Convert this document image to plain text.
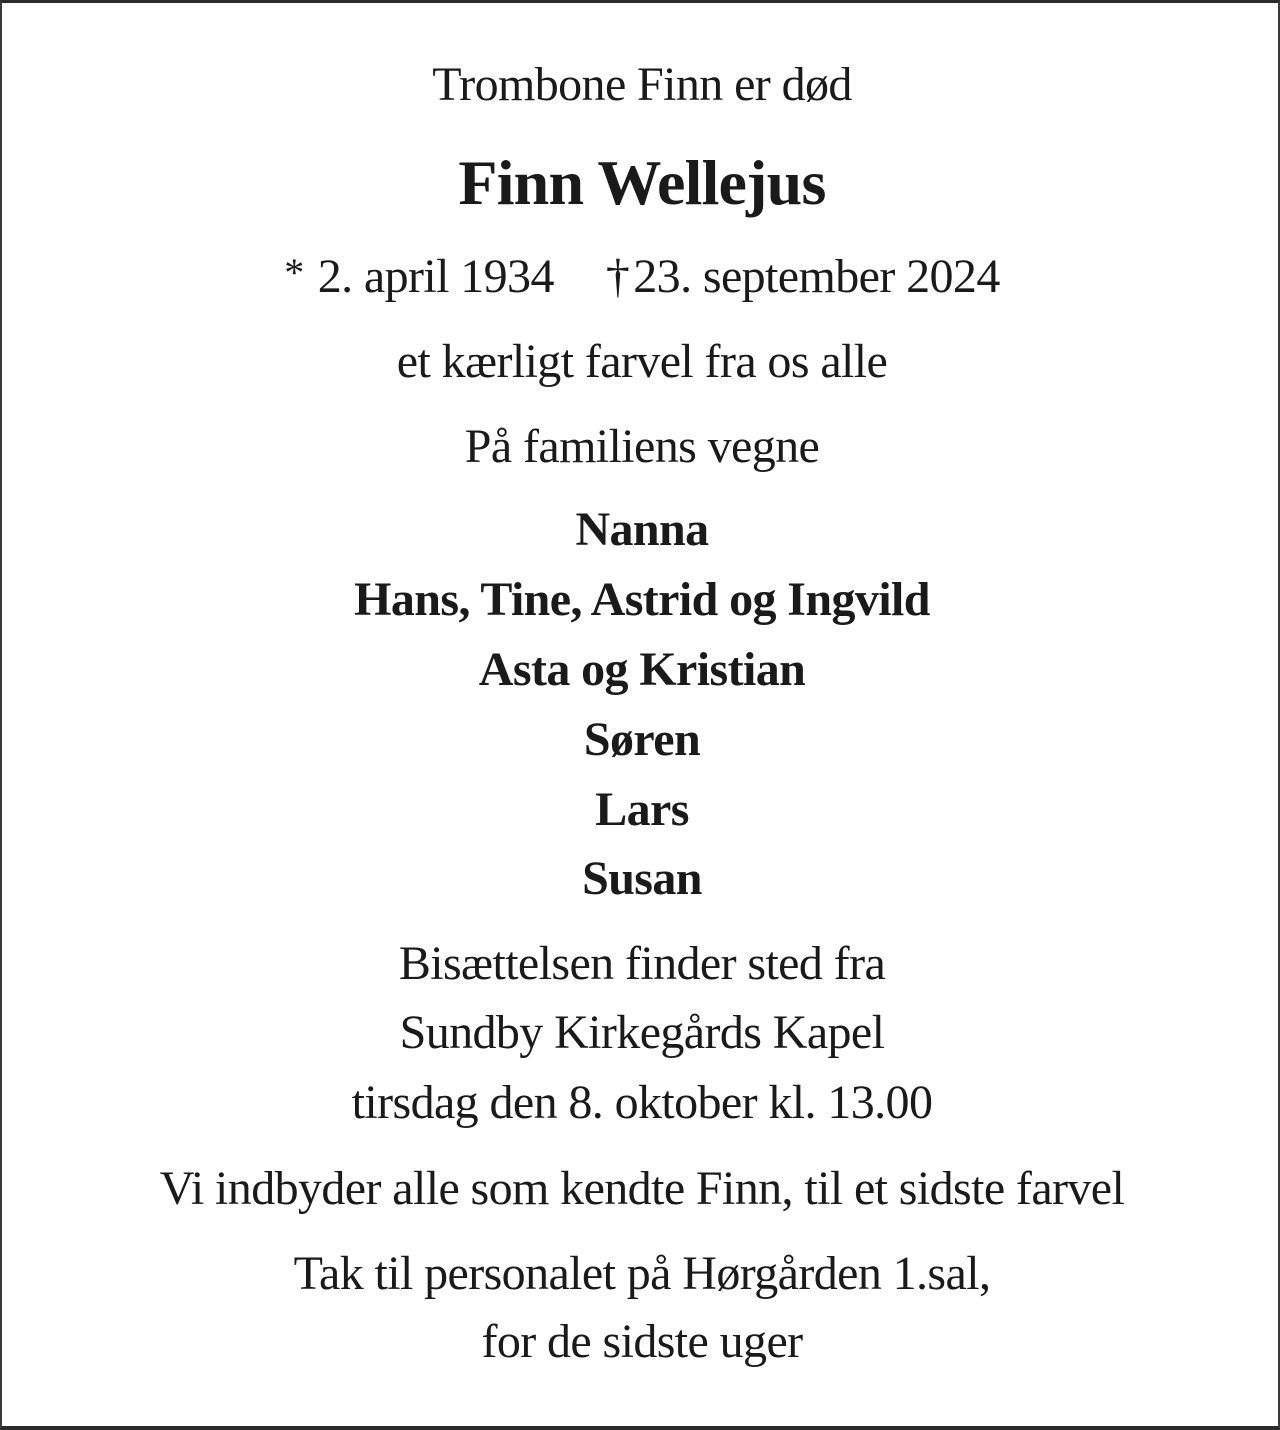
Trombone Finn er død
Finn Wellejus
* 2. april 1934 †23. september 2024
et kærligt farvel fra os alle
På familiens vegne
Nanna
Hans, Tine, Astrid og Ingvild
Asta og Kristian
Søren
Lars
Susan
Bisættelsen finder sted fra
Sundby Kirkegårds Kapel
tirsdag den 8. oktober kl. 13.00
Vi indbyder alle som kendte Finn, til et sidste farvel
Tak til personalet på Hørgården 1.sal,
for de sidste uger
